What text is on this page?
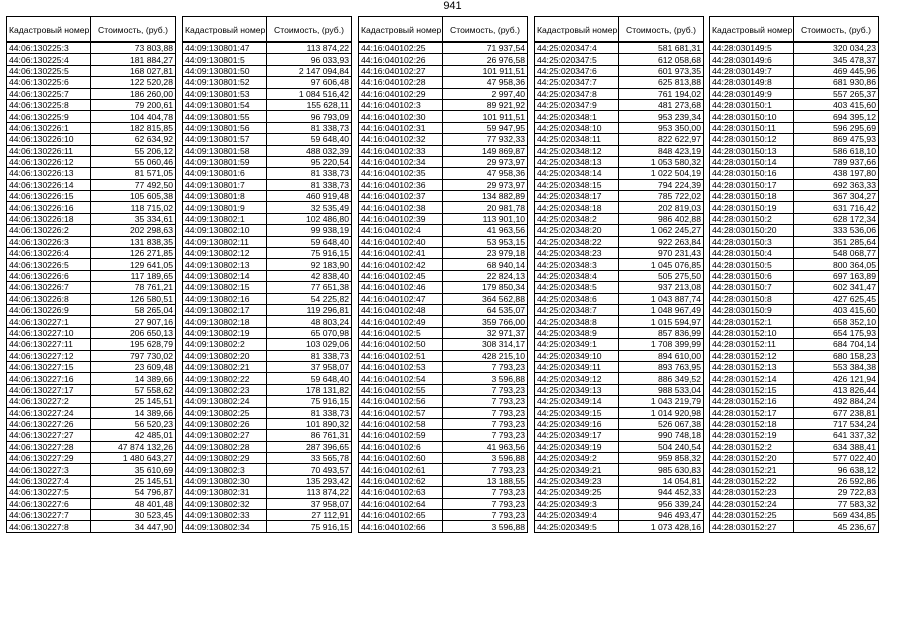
941
Кадастровый номер	Стоимость, (руб.)
44:06:130225:3	73 803,88
44:06:130225:4	181 884,27
44:06:130225:5	168 027,81
44:06:130225:6	122 520,28
44:06:130225:7	186 260,00
44:06:130225:8	79 200,61
44:06:130225:9	104 404,78
44:06:130226:1	182 815,85
44:06:130226:10	62 634,92
44:06:130226:11	55 206,12
44:06:130226:12	55 060,46
44:06:130226:13	81 571,05
44:06:130226:14	77 492,50
44:06:130226:15	105 605,38
44:06:130226:16	118 715,02
44:06:130226:18	35 334,61
44:06:130226:2	202 298,63
44:06:130226:3	131 838,35
44:06:130226:4	126 271,85
44:06:130226:5	129 641,05
44:06:130226:6	117 189,65
44:06:130226:7	78 761,21
44:06:130226:8	126 580,51
44:06:130226:9	58 265,04
44:06:130227:1	27 907,16
44:06:130227:10	206 650,13
44:06:130227:11	195 628,79
44:06:130227:12	797 730,02
44:06:130227:15	23 609,48
44:06:130227:16	14 389,66
44:06:130227:17	57 558,62
44:06:130227:2	25 145,51
44:06:130227:24	14 389,66
44:06:130227:26	56 520,23
44:06:130227:27	42 485,01
44:06:130227:28	47 874 132,26
44:06:130227:29	1 480 643,27
44:06:130227:3	35 610,69
44:06:130227:4	25 145,51
44:06:130227:5	54 796,87
44:06:130227:6	48 401,48
44:06:130227:7	30 523,45
44:06:130227:8	34 447,90
Кадастровый номер	Стоимость, (руб.)
44:09:130801:47	113 874,22
44:09:130801:5	96 033,93
44:09:130801:50	2 147 094,84
44:09:130801:52	97 606,48
44:09:130801:53	1 084 516,42
44:09:130801:54	155 628,11
44:09:130801:55	96 793,09
44:09:130801:56	81 338,73
44:09:130801:57	59 648,40
44:09:130801:58	488 032,39
44:09:130801:59	95 220,54
44:09:130801:6	81 338,73
44:09:130801:7	81 338,73
44:09:130801:8	460 919,48
44:09:130801:9	32 535,49
44:09:130802:1	102 486,80
44:09:130802:10	99 938,19
44:09:130802:11	59 648,40
44:09:130802:12	75 916,15
44:09:130802:13	92 183,90
44:09:130802:14	42 838,40
44:09:130802:15	77 651,38
44:09:130802:16	54 225,82
44:09:130802:17	119 296,81
44:09:130802:18	48 803,24
44:09:130802:19	65 070,98
44:09:130802:2	103 029,06
44:09:130802:20	81 338,73
44:09:130802:21	37 958,07
44:09:130802:22	59 648,40
44:09:130802:23	178 131,82
44:09:130802:24	75 916,15
44:09:130802:25	81 338,73
44:09:130802:26	101 890,32
44:09:130802:27	86 761,31
44:09:130802:28	287 396,65
44:09:130802:29	33 565,78
44:09:130802:3	70 493,57
44:09:130802:30	135 293,42
44:09:130802:31	113 874,22
44:09:130802:32	37 958,07
44:09:130802:33	27 112,91
44:09:130802:34	75 916,15
Кадастровый номер	Стоимость, (руб.)
44:16:040102:25	71 937,54
44:16:040102:26	26 976,58
44:16:040102:27	101 911,51
44:16:040102:28	47 958,36
44:16:040102:29	2 997,40
44:16:040102:3	89 921,92
44:16:040102:30	101 911,51
44:16:040102:31	59 947,95
44:16:040102:32	77 932,33
44:16:040102:33	149 869,87
44:16:040102:34	29 973,97
44:16:040102:35	47 958,36
44:16:040102:36	29 973,97
44:16:040102:37	134 882,89
44:16:040102:38	20 981,78
44:16:040102:39	113 901,10
44:16:040102:4	41 963,56
44:16:040102:40	53 953,15
44:16:040102:41	23 979,18
44:16:040102:42	68 940,14
44:16:040102:45	22 824,13
44:16:040102:46	179 850,34
44:16:040102:47	364 562,88
44:16:040102:48	64 535,07
44:16:040102:49	359 766,00
44:16:040102:5	32 971,37
44:16:040102:50	308 314,17
44:16:040102:51	428 215,10
44:16:040102:53	7 793,23
44:16:040102:54	3 596,88
44:16:040102:55	7 793,23
44:16:040102:56	7 793,23
44:16:040102:57	7 793,23
44:16:040102:58	7 793,23
44:16:040102:59	7 793,23
44:16:040102:6	41 963,56
44:16:040102:60	3 596,88
44:16:040102:61	7 793,23
44:16:040102:62	13 188,55
44:16:040102:63	7 793,23
44:16:040102:64	7 793,23
44:16:040102:65	7 793,23
44:16:040102:66	3 596,88
Кадастровый номер	Стоимость, (руб.)
44:25:020347:4	581 681,31
44:25:020347:5	612 058,68
44:25:020347:6	601 973,35
44:25:020347:7	625 813,88
44:25:020347:8	761 194,02
44:25:020347:9	481 273,68
44:25:020348:1	953 239,34
44:25:020348:10	953 350,00
44:25:020348:11	822 622,97
44:25:020348:12	848 423,19
44:25:020348:13	1 053 580,32
44:25:020348:14	1 022 504,19
44:25:020348:15	794 224,39
44:25:020348:17	785 722,02
44:25:020348:18	202 819,03
44:25:020348:2	986 402,88
44:25:020348:20	1 062 245,27
44:25:020348:22	922 263,84
44:25:020348:23	970 231,43
44:25:020348:3	1 045 076,85
44:25:020348:4	505 275,50
44:25:020348:5	937 213,08
44:25:020348:6	1 043 887,74
44:25:020348:7	1 048 967,49
44:25:020348:8	1 015 594,97
44:25:020348:9	857 836,99
44:25:020349:1	1 708 399,99
44:25:020349:10	894 610,00
44:25:020349:11	893 763,95
44:25:020349:12	886 349,52
44:25:020349:13	988 533,04
44:25:020349:14	1 043 219,79
44:25:020349:15	1 014 920,98
44:25:020349:16	526 067,38
44:25:020349:17	990 748,18
44:25:020349:19	504 240,54
44:25:020349:2	959 858,32
44:25:020349:21	985 630,83
44:25:020349:23	14 054,81
44:25:020349:25	944 452,33
44:25:020349:3	956 339,24
44:25:020349:4	946 493,47
44:25:020349:5	1 073 428,16
Кадастровый номер	Стоимость, (руб.)
44:28:030149:5	320 034,23
44:28:030149:6	345 478,37
44:28:030149:7	469 445,96
44:28:030149:8	681 930,86
44:28:030149:9	557 265,37
44:28:030150:1	403 415,60
44:28:030150:10	694 395,12
44:28:030150:11	596 295,69
44:28:030150:12	869 475,93
44:28:030150:13	586 618,10
44:28:030150:14	789 937,66
44:28:030150:16	438 197,80
44:28:030150:17	692 363,33
44:28:030150:18	367 304,27
44:28:030150:19	631 716,42
44:28:030150:2	628 172,34
44:28:030150:20	333 536,06
44:28:030150:3	351 285,64
44:28:030150:4	548 068,77
44:28:030150:5	800 364,05
44:28:030150:6	697 163,89
44:28:030150:7	602 341,47
44:28:030150:8	427 625,45
44:28:030150:9	403 415,60
44:28:030152:1	658 352,10
44:28:030152:10	654 175,93
44:28:030152:11	684 704,14
44:28:030152:12	680 158,23
44:28:030152:13	553 384,38
44:28:030152:14	426 121,94
44:28:030152:15	413 826,44
44:28:030152:16	492 884,24
44:28:030152:17	677 238,81
44:28:030152:18	717 534,24
44:28:030152:19	641 337,32
44:28:030152:2	634 388,41
44:28:030152:20	577 022,40
44:28:030152:21	96 638,12
44:28:030152:22	26 592,86
44:28:030152:23	29 722,83
44:28:030152:24	77 583,32
44:28:030152:25	569 434,85
44:28:030152:27	45 236,67
